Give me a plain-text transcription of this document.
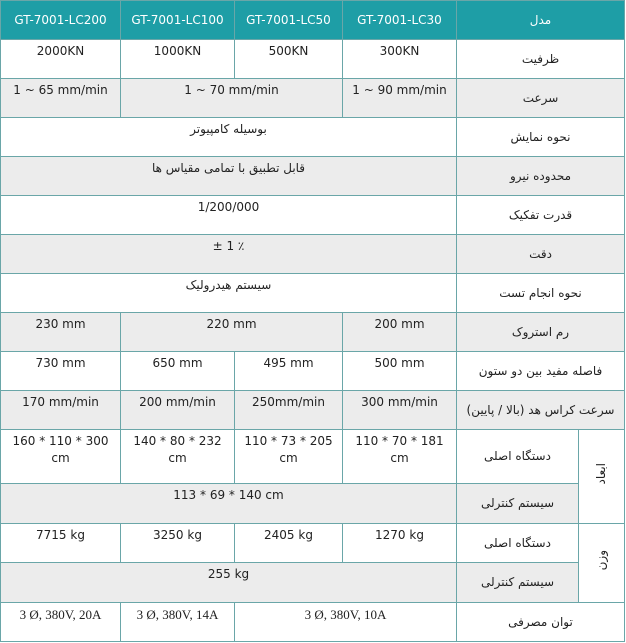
GT-7001-LC200	GT-7001-LC100	GT-7001-LC50	GT-7001-LC30	مدل	
2000KN	1000KN	500KN	300KN	ظرفیت	
1 ~ 65 mm/min	1 ~ 70 mm/min		1 ~ 90 mm/min	سرعت	
بوسیله کامپیوتر				نحوه نمایش	
قابل تطبیق با تمامی مقیاس ها				محدوده نیرو	
1/200/000				قدرت تفکیک	
± 1 ٪				دقت	
سیستم هیدرولیک				نحوه انجام تست	
230 mm	220 mm		200 mm	رم استروک	
730 mm	650 mm	495 mm	500 mm	فاصله مفید بین دو ستون	
170 mm/min	200 mm/min	250mm/min	300 mm/min	سرعت کراس هد (بالا / پایین)	
160 * 110 * 300 cm	140 * 80 * 232 cm	110 * 73 * 205 cm	110 * 70 * 181 cm	دستگاه اصلی	ابعاد
113 * 69 * 140 cm				سیستم کنترلی	
7715 kg	3250 kg	2405 kg	1270 kg	دستگاه اصلی	وزن
255 kg				سیستم کنترلی	
3 Ø, 380V, 20A	3 Ø, 380V, 14A	3 Ø, 380V, 10A		توان مصرفی	
